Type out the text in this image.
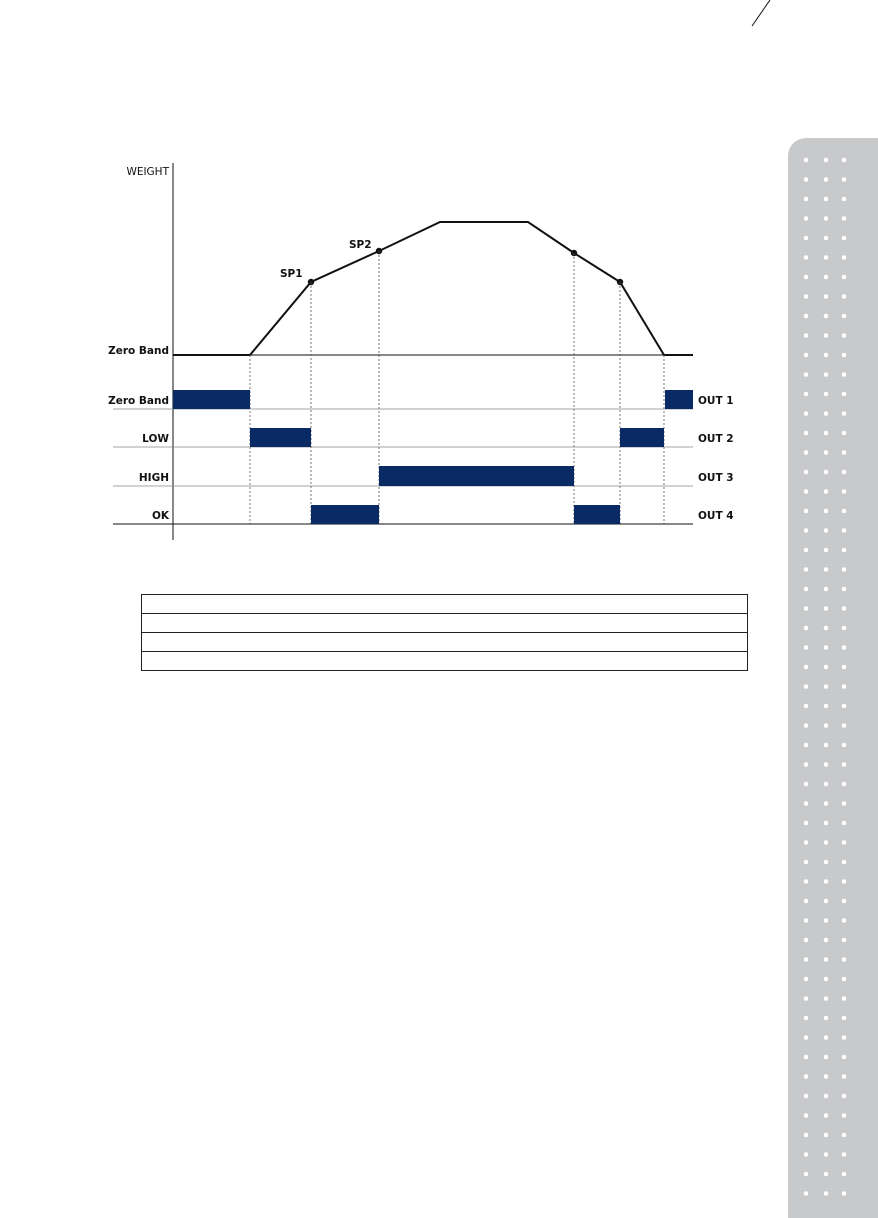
WEIGHT
Zero Band
SP1
SP2
Zero Band
LOW
HIGH
OK
OUT 1
OUT 2
OUT 3
OUT 4
